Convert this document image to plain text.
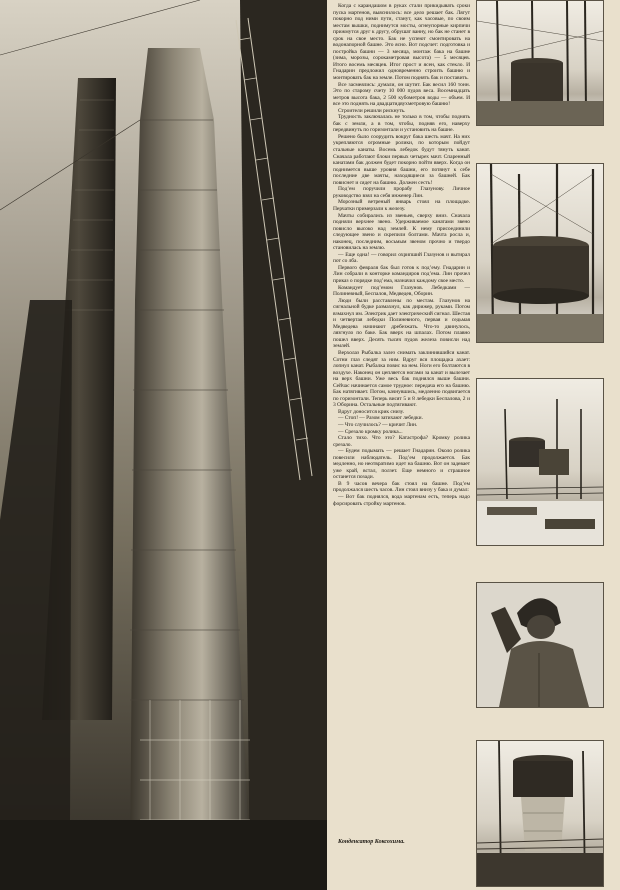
Когда с карандашом в руках стали прикидывать сроки пуска мартенов, выяснилось: все дело решает бак. Лягут покорно под ними пути, станут, как часовые, по своим местам вышки, поднимутся мосты, огнеупорные кирпичи прижмутся друг к другу, обрушат ванну, но бак не станет в срок на свое место. Бак не успеют смонтировать на водонапорной башне. Это ясно. Вот подсчет: подготовка и постройка башни — 3 месяца, монтаж бака на башне (зима, морозы, сорокаметровая высота) — 5 месяцев. Итого восемь месяцев. Итог прост и ясен, как стекло. И Гнадарин предложил одновременно строить башню и монтировать бак на земле. Потом поднять бак и поставить.

Все засмеялись: думали, он шутит. Бак весил 160 тонн. Это по старому счету 10 000 пудов веса. Восемнадцать метров высота бака, 2 500 кубометров воды — объем. И все это поднять на двадцатидвухметровую башню!

Строители решили рискнуть.

Трудность заключалась не только в том, чтобы поднять бак с земли, а в том, чтобы, подняв его, наверху передвинуть по горизонтали и установить на башне.

Решено было соорудить вокруг бака шесть мачт. На них укрепляются огромные ролики, по которым пойдут стальные канаты. Восемь лебедок будут тянуть канат. Сначала работают блоки первых четырех мачт. Спаренный канатами бак должен будет покорно пойти вверх. Когда он поднимется выше уровня башни, его потянут к себе последние две мачты, находящиеся за башней. Бак повиснет и сядет на башню. Должен сесть!

Под’ем поручили прорабу Глазунову. Личное руководство взял на себя инженер Лин.

Морозный ветреный январь стоял на площадке. Перчатки примерзали к железу.

Мачты собирались из звеньев, сверху вниз. Сначала подняли верхнее звено. Удерживаемое канатами звено повисло высоко над землей. К нему присоединили следующее звено и скрепили болтами. Мачта росла и, наконец, последним, восьмым звеном прочно и твердо становилась на землю.

— Еще одна! — говорил охрипший Глазунов и вытирал пот со лба.

Первого февраля бак был готов к под’ему. Гнадарин и Лин собрали в конторке командиров под’ема. Лин прочел приказ о порядке под’ема, назначил каждому свое место.

Командует под’емом Глазунов. Лебедками — Полиневный, Беспалов, Медведев, Оборин.

Люди были расставлены по местам. Глазунов на сигнальной будке размахнул, как дирижер, руками. Потом взмахнул им. Электрик дает электрический сигнал. Шестая и четвертая лебедки Полиневного, первая и седьмая Медведева начинают дребезжать. Что-то двинулось, лязгнуло по баке. Бак вверх на шпалах. Потом плавно пошел вверх. Десять тысяч пудов железа повисли над землей.

Верхолаз Рыбалка залез снимать заклинившийся канат. Сотни глаз следят за ним. Вдруг вся площадка ахает: лопнул канат. Рыбалка повис на нем. Ноги его болтаются в воздухе. Наконец он цепляется ногами за канат и вылезает на верх башни. Уже весь бак поднялся выше башни. Сейчас начинается самое трудное: передача его на башню. Бак натягивает. Потом, качнувшись, медленно подвигается по горизонтали. Теперь висят 5 и 8 лебедки Беспалова, 2 и 3 Оборина. Остальные подтягивают.

Вдруг доносится крик снизу.

— Стоп! — Разом затихают лебедки.

— Что случилось? — кричит Лин.

— Срезало кромку ролика...

Стало тихо. Что это? Катастрофа? Кромку ролика срезало.

— Будем подымать — решает Гнадарин. Около ролика повесили наблюдатель. Под’ем продолжается. Бак медленно, но неотвратимо идет на башню. Вот он задевает уже край, встал, ползет. Еще немного и страшное останется позади.

В 9 часов вечера бак стоял на башне. Под’ем продолжался шесть часов. Лин стоял внизу у бака и думал:

— Вот бак поднялся, вода мартенам есть, теперь надо форсировать стройку мартенов.

Конденсатор Коксохима.
